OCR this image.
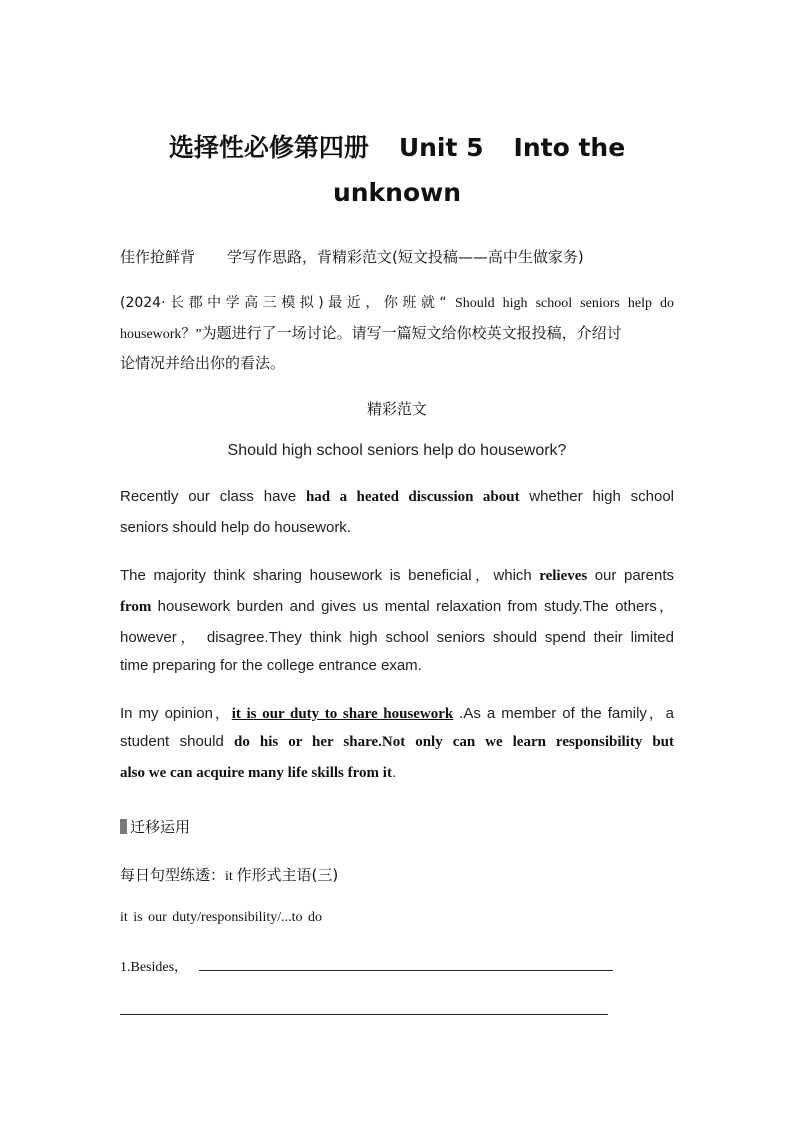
选择性必修第四册 Unit 5 Into the
unknown
佳作抢鲜背 学写作思路，背精彩范文(短文投稿——高中生做家务)
(2024·长郡中学高三模拟)最近，你班就“ Should high school seniors help do
housework？”为题进行了一场讨论。请写一篇短文给你校英文报投稿，介绍讨
论情况并给出你的看法。
精彩范文
Should high school seniors help do housework?
Recently our class have had a heated discussion about whether high school
seniors should help do housework.
The majority think sharing housework is beneficial，which relieves our parents
from housework burden and gives us mental relaxation from study.The others，
however， disagree.They think high school seniors should spend their limited
time preparing for the college entrance exam.
In my opinion，it is our duty to share housework .As a member of the family，a
student should do his or her share.Not only can we learn responsibility but
also we can acquire many life skills from it.
迁移运用
每日句型练透：it 作形式主语(三)
it is our duty/responsibility/...to do
1.Besides，
